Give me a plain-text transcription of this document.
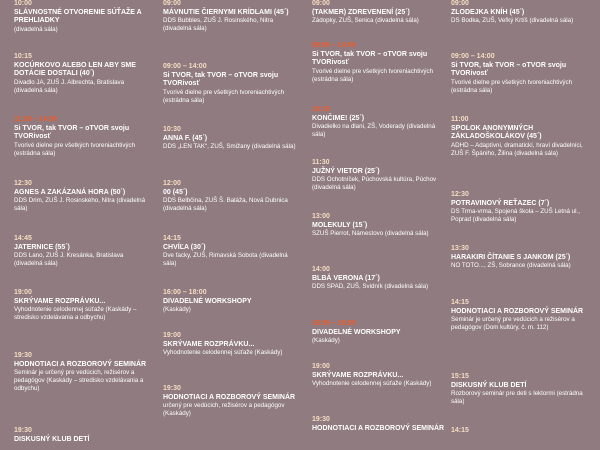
10:00
SLÁVNOSTNÉ OTVORENIE SÚŤAŽE A PREHLIADKY
(divadelná sála)
10:15
KOCÚRKOVO ALEBO LEN ABY SME DOTÁCIE DOSTALI (40´)
Divadlo JA, ZUŠ J. Albrechta, Bratislava (divadelná sála)
11:00 – 14:00
Si TVOR, tak TVOR – oTVOR svoju TVORivosť
Tvorivé dielne pre všetkých tvoreniachtivých (estrádna sála)
12:30
AGNES A ZAKÁZANÁ HORA (50´)
DDS Drim, ZUŠ J. Rosinského, Nitra (divadelná sála)
14:45
JATERNICE (55´)
DDS Lano, ZUŠ J. Kresánka, Bratislava (divadelná sála)
19:00
SKRÝVAME ROZPRÁVKU...
Vyhodnotenie celodennej súťaže (Kaskády – stredisko vzdelávania a odbychu)
19:30
HODNOTIACI A ROZBOROVÝ SEMINÁR
Seminár je určený pre vedúcich, režisérov a pedagógov (Kaskády – stredisko vzdelávania a odbychu)
19:30
DISKUSNÝ KLUB DETÍ
09:00
MÁVNUTIE ČIERNYMI KRÍDLAMI (45´)
DDS Bubbles, ZUŠ J. Rosinského, Nitra (divadelná sála)
09:00 – 14:00
Si TVOR, tak TVOR – oTVOR svoju TVORivosť
Tvorivé dielne pre všetkých tvoreniachtivých (estrádna sála)
10:30
ANNA F. (45´)
DDS „LEN TAK“, ZUŠ, Smižany (divadelná sála)
12:00
00 (45´)
DDS Belbčina, ZUŠ Š. Baláža, Nová Dubnica (divadelná sála)
14:15
CHVÍĽA (30´)
Dve facky, ZUŠ, Rimavská Sobota (divadelná sála)
16:00 – 18:00
DIVADELNÉ WORKSHOPY
(Kaskády)
19:00
SKRÝVAME ROZPRÁVKU...
Vyhodnotenie celodennej súťaže (Kaskády)
19:30
HODNOTIACI A ROZBOROVÝ SEMINÁR
určený pre vedúcich, režisérov a pedagógov (Kaskády)
09:00
(TAKMER) ZDREVENENÍ (25´)
Zádopky, ZUŠ, Senica (divadelná sála)
09:00 – 14:00
Si TVOR, tak TVOR – oTVOR svoju TVORivosť
Tvorivé dielne pre všetkých tvoreniachtivých (estrádna sála)
10:15
KONČIME! (25´)
Divadielko na dlani, ZŠ, Voderady (divadelná sála)
11:30
JUŽNÝ VIETOR (25´)
DDS Ochotníček, Púchovská kultúra, Púchov (divadelná sála)
13:00
MOLEKULY (15´)
SZUŠ Pierrot, Námestovo (divadelná sála)
14:00
BLBÁ VERONA (17´)
DDS SPAD, ZUŠ, Svidník (divadelná sála)
15:30 – 18:00
DIVADELNÉ WORKSHOPY
(Kaskády)
19:00
SKRÝVAME ROZPRÁVKU...
Vyhodnotenie celodennej súťaže (Kaskády)
19:30
HODNOTIACI A ROZBOROVÝ SEMINÁR
09:00
ZLODEJKA KNÍH (45´)
DS Bodka, ZUŠ, Veľký Krtíš (divadelná sála)
09:00 – 14:00
Si TVOR, tak TVOR – oTVOR svoju TVORivosť
Tvorivé dielne pre všetkých tvoreniachtivých (estrádna sála)
11:00
SPOLOK ANONYMNÝCH ZÁKLADOŠKOLÁKOV (45´)
ADHD – Adaptívni, dramatickí, hraví divadelníci, ZUŠ F. Špániho, Žilina (divadelná sála)
12:30
POTRAVINOVÝ REŤAZEC (7´)
DS Trma-vrma, Spojená škola – ZUŠ Letná ul., Poprad (divadelná sála)
13:30
HARAKIRI ČÍTANIE S JANKOM (25´)
NO TOTO..., ZŠ, Sobrance (divadelná sála)
14:15
HODNOTIACI A ROZBOROVÝ SEMINÁR
Seminár je určený pre vedúcich a režisérov a pedagógov (Dom kultúry, č. m. 112)
15:15
DISKUSNÝ KLUB DETÍ
Rozborový seminár pre deti s lektormi (estrádna sála)
14:15
